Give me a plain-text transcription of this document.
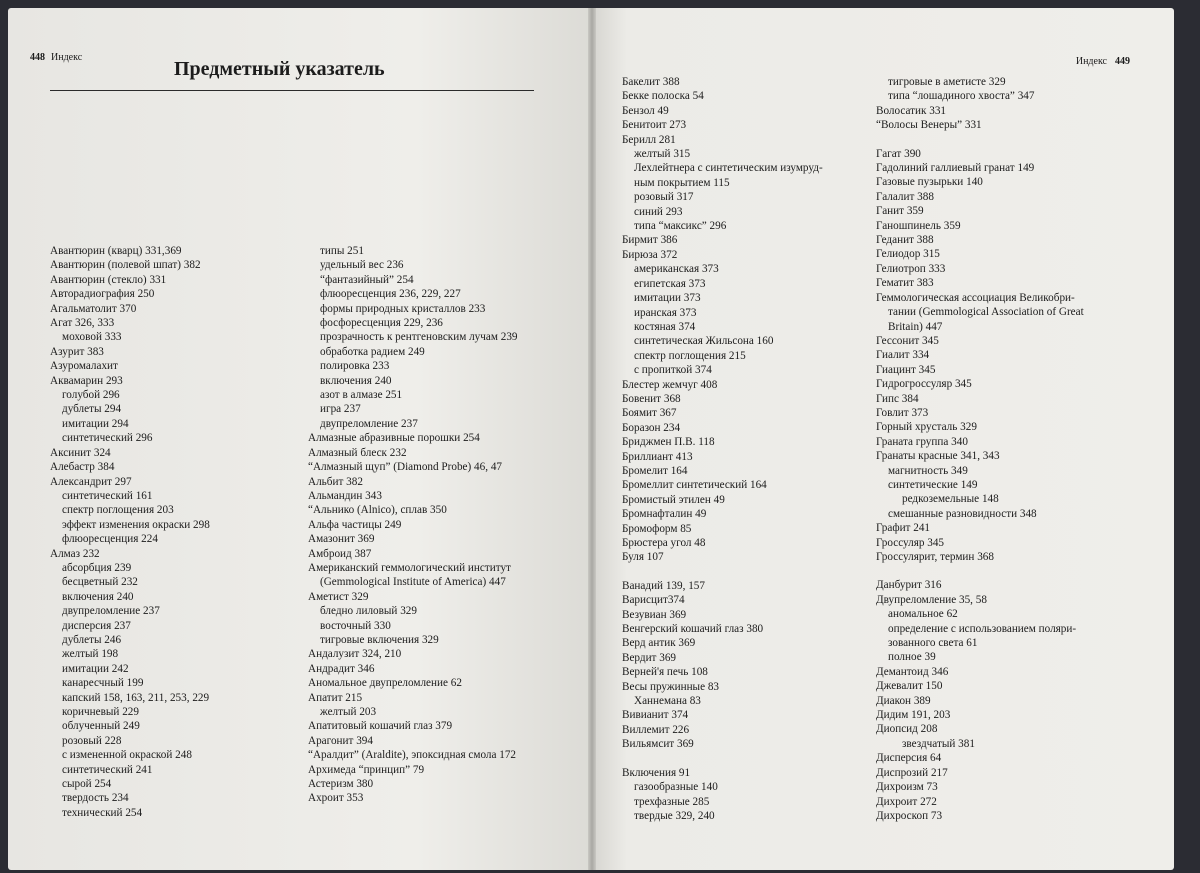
448 Индекс
Предметный указатель
Авантюрин (кварц) 331,369
Авантюрин (полевой шпат) 382
Авантюрин (стекло) 331
Авторадиография 250
Агальматолит 370
Агат 326, 333
моховой 333
Азурит 383
Азуромалахит
Аквамарин 293
голубой 296
дублеты 294
имитации 294
синтетический 296
Аксинит 324
Алебастр 384
Александрит 297
синтетический 161
спектр поглощения 203
эффект изменения окраски 298
флюоресценция 224
Алмаз 232
абсорбция 239
бесцветный 232
включения 240
двупреломление 237
дисперсия 237
дублеты 246
желтый 198
имитации 242
канаресчный 199
капский 158, 163, 211, 253, 229
коричневый 229
облученный 249
розовый 228
с измененной окраской 248
синтетический 241
сырой 254
твердость 234
технический 254
типы 251
удельный вес 236
“фантазийный” 254
флюоресценция 236, 229, 227
формы природных кристаллов 233
фосфоресценция 229, 236
прозрачность к рентгеновским лучам 239
обработка радием 249
полировка 233
включения 240
азот в алмазе 251
игра 237
двупреломление 237
Алмазные абразивные порошки 254
Алмазный блеск 232
“Алмазный щуп” (Diamond Probe) 46, 47
Альбит 382
Альмандин 343
“Альнико (Alnico), сплав 350
Альфа частицы 249
Амазонит 369
Амброид 387
Американский геммологический институт
(Gemmological Institute of America) 447
Аметист 329
бледно лиловый 329
восточный 330
тигровые включения 329
Андалузит 324, 210
Андрадит 346
Аномальное двупреломление 62
Апатит 215
желтый 203
Апатитовый кошачий глаз 379
Арагонит 394
“Аралдит” (Araldite), эпоксидная смола 172
Архимеда “принцип” 79
Астеризм 380
Ахроит 353
Индекс 449
Бакелит 388
Бекке полоска 54
Бензол 49
Бенитоит 273
Берилл 281
желтый 315
Лехлейтнера с синтетическим изумруд-
ным покрытием 115
розовый 317
синий 293
типа “максикс” 296
Бирмит 386
Бирюза 372
американская 373
египетская 373
имитации 373
иранская 373
костяная 374
синтетическая Жильсона 160
спектр поглощения 215
с пропиткой 374
Блестер жемчуг 408
Бовенит 368
Боямит 367
Боразон 234
Бриджмен П.В. 118
Бриллиант 413
Бромелит 164
Бромеллит синтетический 164
Бромистый этилен 49
Бромнафталин 49
Бромоформ 85
Брюстера угол 48
Буля 107
Ванадий 139, 157
Варисцит374
Везувиан 369
Венгерский кошачий глаз 380
Верд антик 369
Вердит 369
Верней'я печь 108
Весы пружинные 83
Ханнемана 83
Вивианит 374
Виллемит 226
Вильямсит 369
Включения 91
газообразные 140
трехфазные 285
твердые 329, 240
тигровые в аметисте 329
типа “лошадиного хвоста” 347
Волосатик 331
“Волосы Венеры” 331
Гагат 390
Гадолиний галлиевый гранат 149
Газовые пузырьки 140
Галалит 388
Ганит 359
Ганошпинель 359
Геданит 388
Гелиодор 315
Гелиотроп 333
Гематит 383
Геммологическая ассоциация Великобри-
тании (Gemmological Association of Great
Britain) 447
Гессонит 345
Гиалит 334
Гиацинт 345
Гидрогроссуляр 345
Гипс 384
Говлит 373
Горный хрусталь 329
Граната группа 340
Гранаты красные 341, 343
магнитность 349
синтетические 149
редкоземельные 148
смешанные разновидности 348
Графит 241
Гроссуляр 345
Гроссулярит, термин 368
Данбурит 316
Двупреломление 35, 58
аномальное 62
определение с использованием поляри-
зованного света 61
полное 39
Демантоид 346
Джевалит 150
Диакон 389
Дидим 191, 203
Диопсид 208
звездчатый 381
Дисперсия 64
Диспрозий 217
Дихроизм 73
Дихроит 272
Дихроскоп 73
